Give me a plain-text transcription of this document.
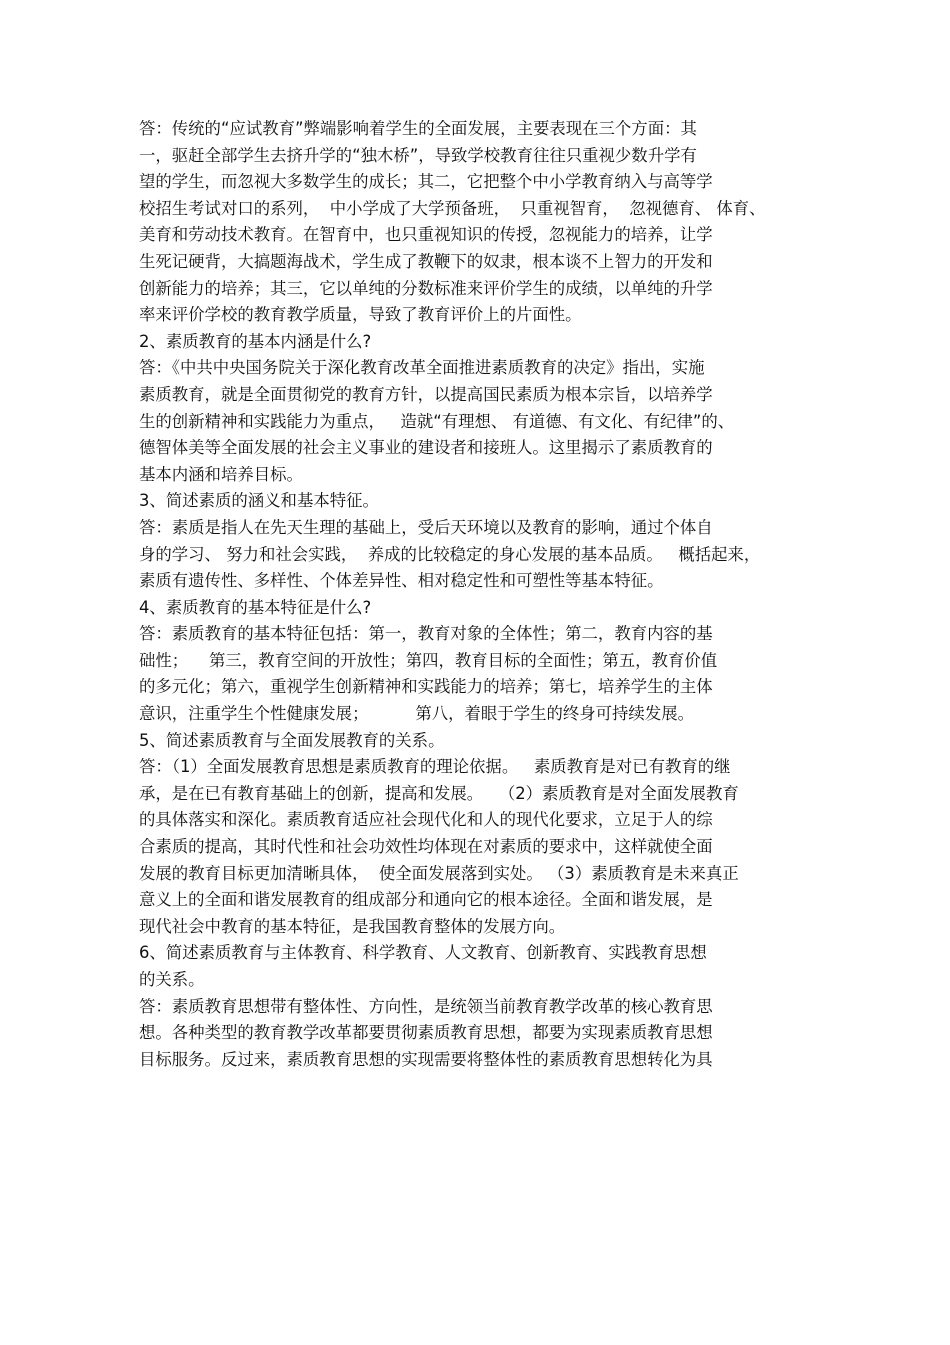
答：传统的“应试教育”弊端影响着学生的全面发展，主要表现在三个方面：其
一，驱赶全部学生去挤升学的“独木桥”，导致学校教育往往只重视少数升学有
望的学生，而忽视大多数学生的成长；其二，它把整个中小学教育纳入与高等学
校招生考试对口的系列，  中小学成了大学预备班，  只重视智育，  忽视德育、 体育、
美育和劳动技术教育。在智育中，也只重视知识的传授，忽视能力的培养，让学
生死记硬背，大搞题海战术，学生成了教鞭下的奴隶，根本谈不上智力的开发和
创新能力的培养；其三，它以单纯的分数标准来评价学生的成绩，以单纯的升学
率来评价学校的教育教学质量，导致了教育评价上的片面性。
2、素质教育的基本内涵是什么?
答：《中共中央国务院关于深化教育改革全面推进素质教育的决定》指出，实施
素质教育，就是全面贯彻党的教育方针，以提高国民素质为根本宗旨，以培养学
生的创新精神和实践能力为重点，   造就“有理想、 有道德、有文化、有纪律”的、
德智体美等全面发展的社会主义事业的建设者和接班人。这里揭示了素质教育的
基本内涵和培养目标。
3、简述素质的涵义和基本特征。
答：素质是指人在先天生理的基础上，受后天环境以及教育的影响，通过个体自
身的学习、 努力和社会实践，  养成的比较稳定的身心发展的基本品质。   概括起来，
素质有遗传性、多样性、个体差异性、相对稳定性和可塑性等基本特征。
4、素质教育的基本特征是什么?
答：素质教育的基本特征包括：第一，教育对象的全体性；第二，教育内容的基
础性；    第三，教育空间的开放性；第四，教育目标的全面性；第五，教育价值
的多元化；第六，重视学生创新精神和实践能力的培养；第七，培养学生的主体
意识，注重学生个性健康发展；         第八，着眼于学生的终身可持续发展。
5、简述素质教育与全面发展教育的关系。
答：（1）全面发展教育思想是素质教育的理论依据。   素质教育是对已有教育的继
承，是在已有教育基础上的创新，提高和发展。   （2）素质教育是对全面发展教育
的具体落实和深化。素质教育适应社会现代化和人的现代化要求，立足于人的综
合素质的提高，其时代性和社会功效性均体现在对素质的要求中，这样就使全面
发展的教育目标更加清晰具体，  使全面发展落到实处。 （3）素质教育是未来真正
意义上的全面和谐发展教育的组成部分和通向它的根本途径。全面和谐发展，是
现代社会中教育的基本特征，是我国教育整体的发展方向。
6、简述素质教育与主体教育、科学教育、人文教育、创新教育、实践教育思想
的关系。
答：素质教育思想带有整体性、方向性，是统领当前教育教学改革的核心教育思
想。各种类型的教育教学改革都要贯彻素质教育思想，都要为实现素质教育思想
目标服务。反过来，素质教育思想的实现需要将整体性的素质教育思想转化为具
